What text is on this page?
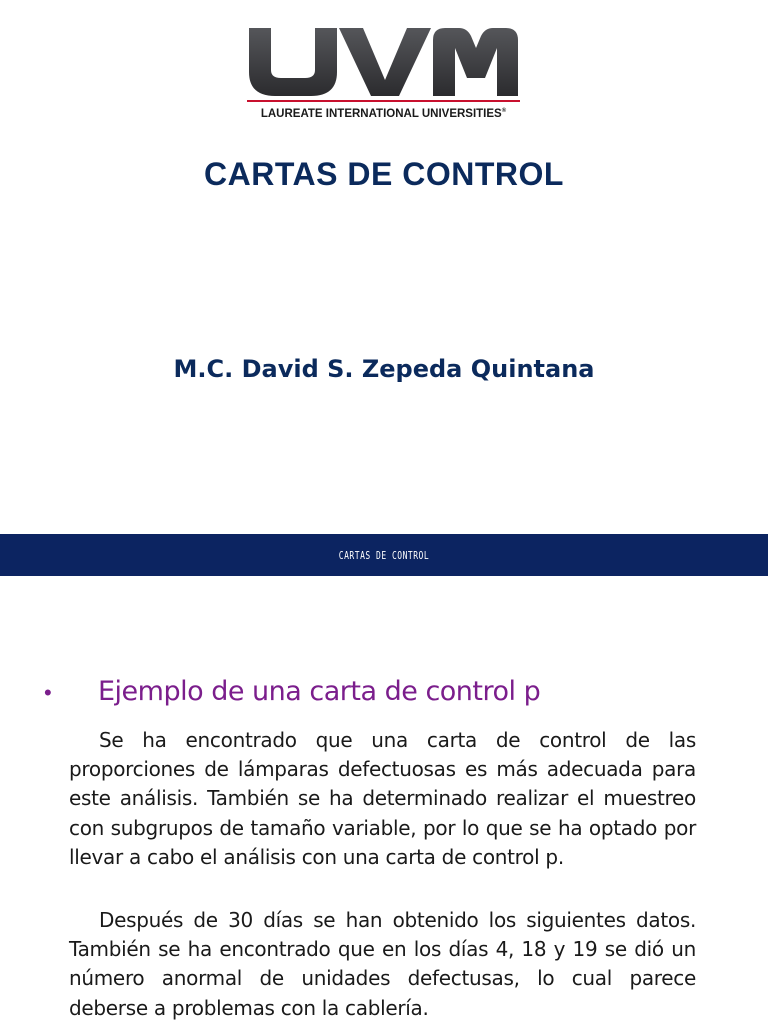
LAUREATE INTERNATIONAL UNIVERSITIES®
CARTAS DE CONTROL
M.C. David S. Zepeda Quintana
CARTAS DE CONTROL
• Ejemplo de una carta de control p

Se ha encontrado que una carta de control de las proporciones de lámparas defectuosas es más adecuada para este análisis. También se ha determinado realizar el muestreo con subgrupos de tamaño variable, por lo que se ha optado por llevar a cabo el análisis con una carta de control p.

Después de 30 días se han obtenido los siguientes datos. También se ha encontrado que en los días 4, 18 y 19 se dió un número anormal de unidades defectusas, lo cual parece deberse a problemas con la cablería.
